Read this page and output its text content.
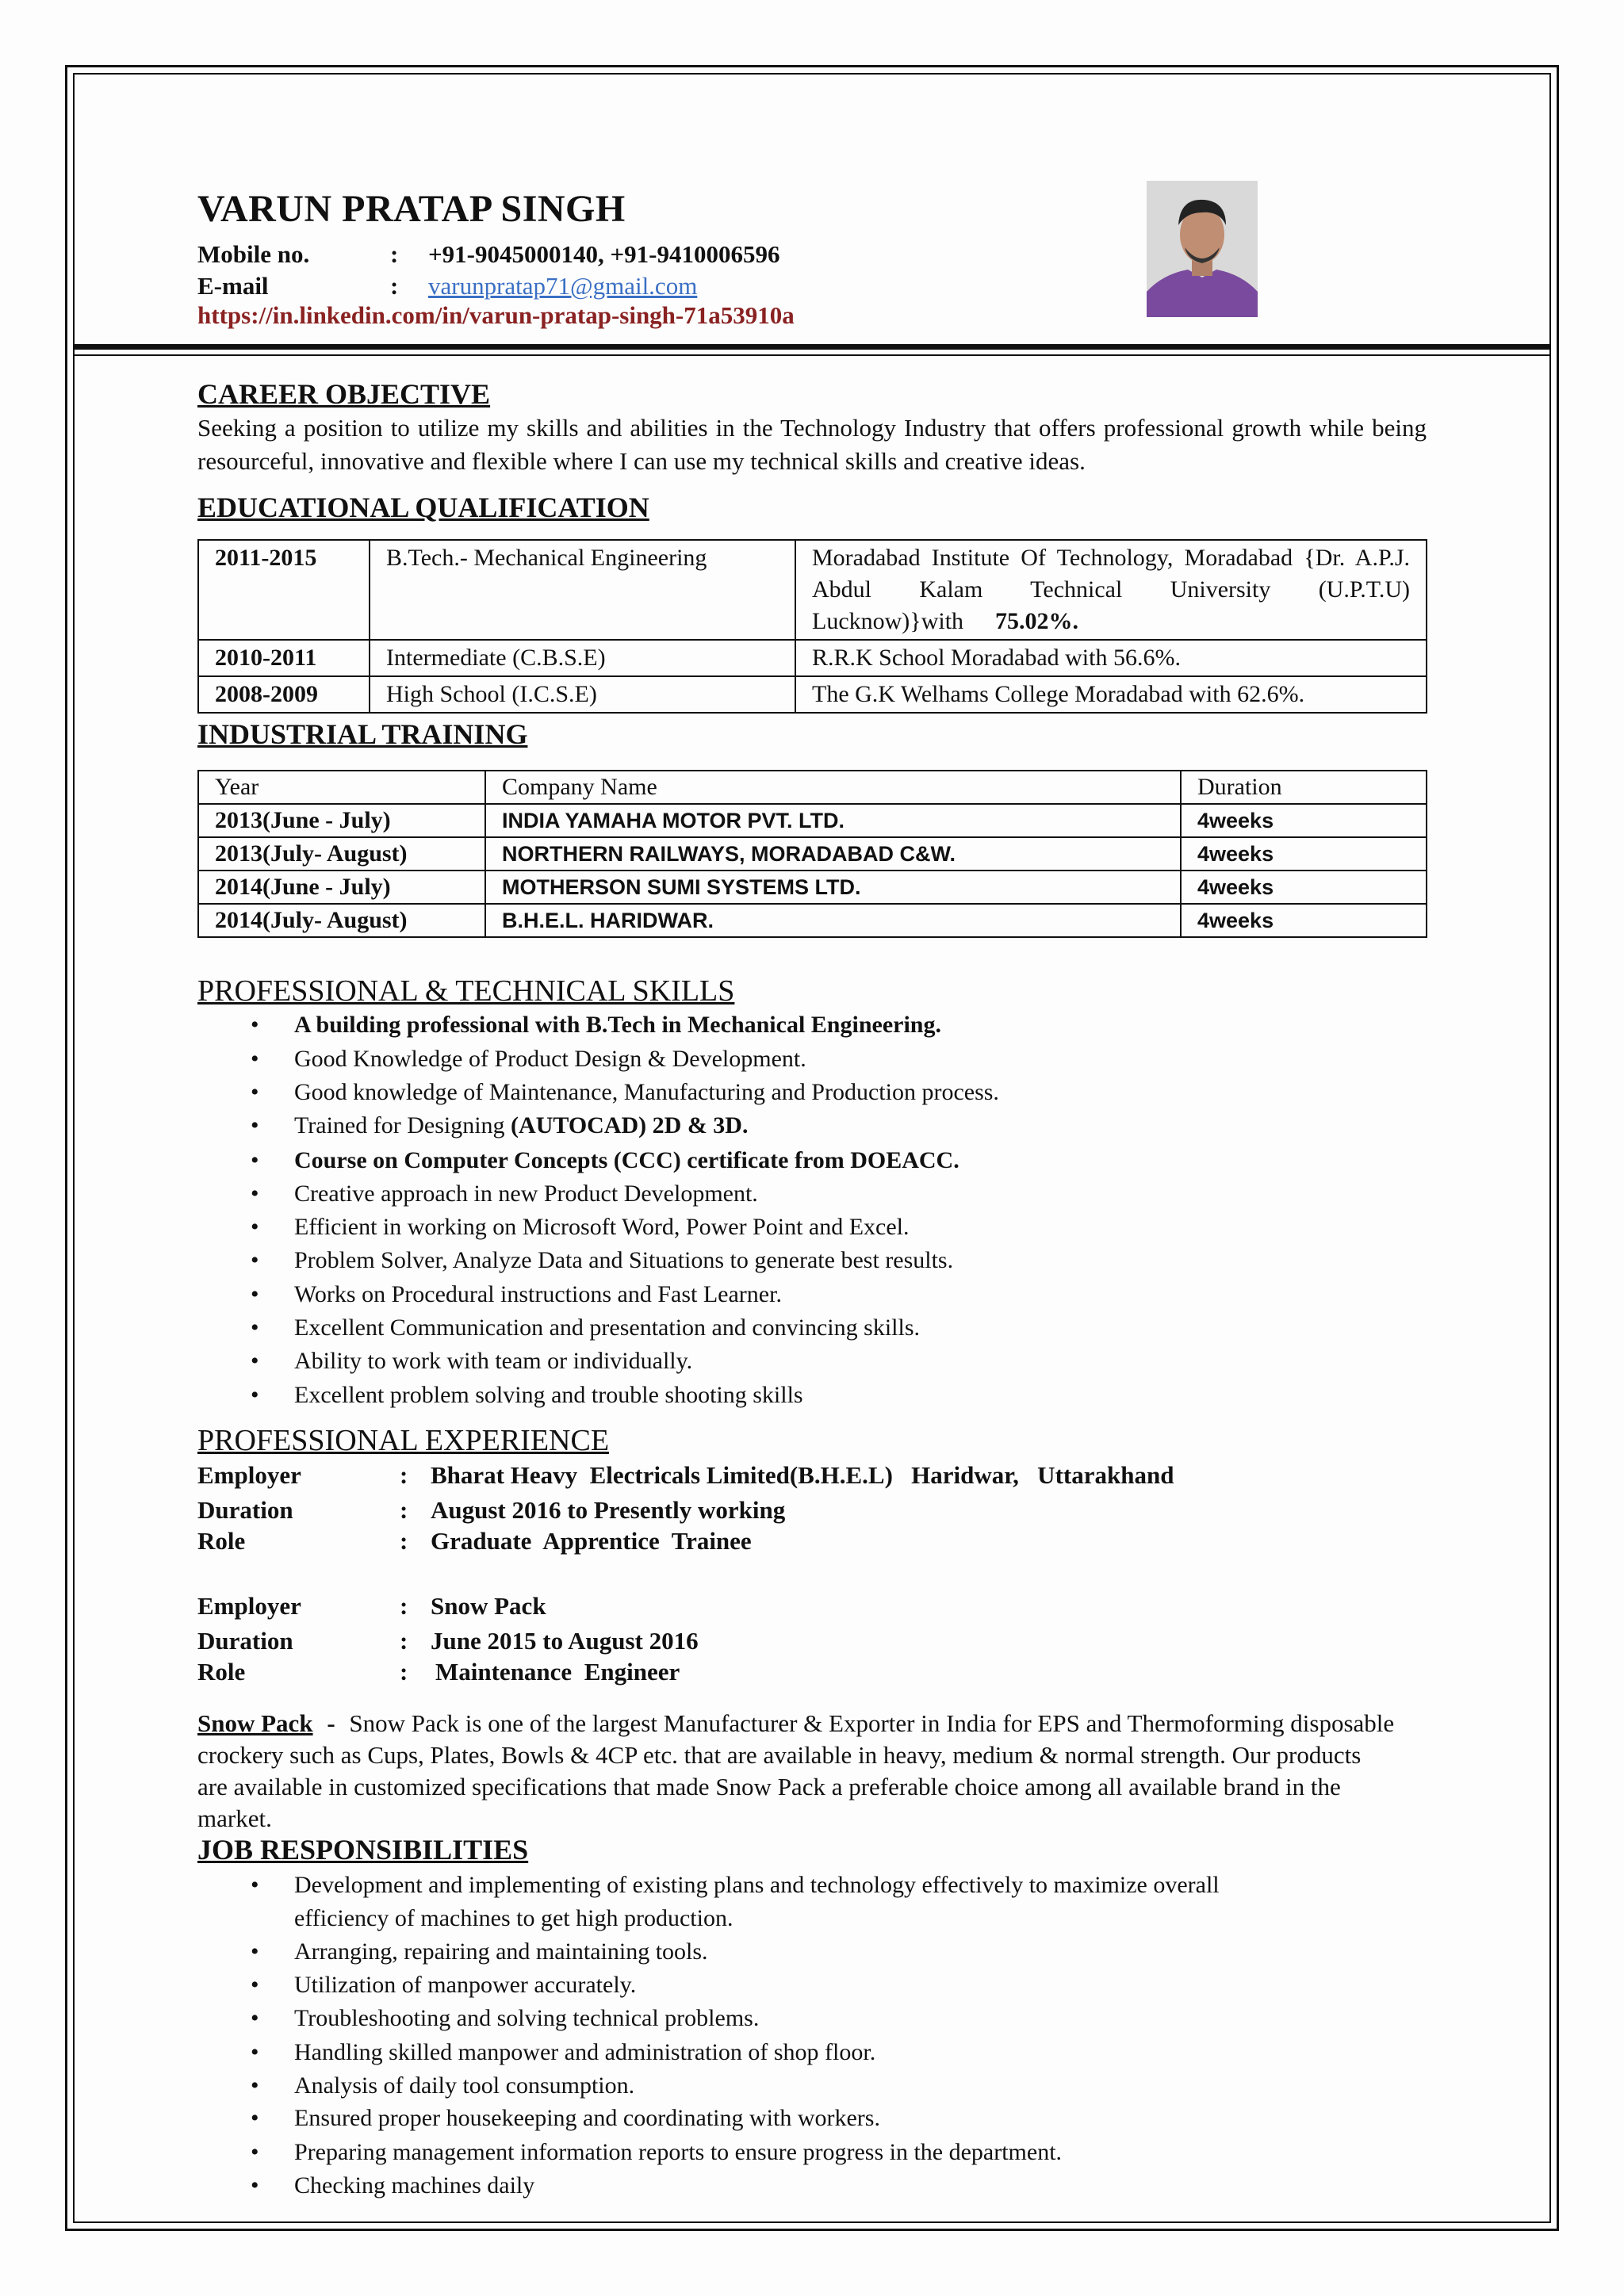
VARUN PRATAP SINGH
Mobile no.	: +91-9045000140, +91-9410006596
E-mail	: varunpratap71@gmail.com
https://in.linkedin.com/in/varun-pratap-singh-71a53910a
CAREER OBJECTIVE
Seeking a position to utilize my skills and abilities in the Technology Industry that offers professional growth while being resourceful, innovative and flexible where I can use my technical skills and creative ideas.
EDUCATIONAL QUALIFICATION
2011-2015	B.Tech.- Mechanical Engineering	Moradabad Institute Of Technology, Moradabad {Dr. A.P.J. Abdul Kalam Technical University (U.P.T.U) Lucknow)}with 75.02%.
2010-2011	Intermediate (C.B.S.E)	R.R.K School Moradabad with 56.6%.
2008-2009	High School (I.C.S.E)	The G.K Welhams College Moradabad with 62.6%.
INDUSTRIAL TRAINING
Year	Company Name	Duration
2013(June - July)	INDIA YAMAHA MOTOR PVT. LTD.	4weeks
2013(July- August)	NORTHERN RAILWAYS, MORADABAD C&W.	4weeks
2014(June - July)	MOTHERSON SUMI SYSTEMS LTD.	4weeks
2014(July- August)	B.H.E.L. HARIDWAR.	4weeks
PROFESSIONAL & TECHNICAL SKILLS
• A building professional with B.Tech in Mechanical Engineering.
• Good Knowledge of Product Design & Development.
• Good knowledge of Maintenance, Manufacturing and Production process.
• Trained for Designing (AUTOCAD) 2D & 3D.
• Course on Computer Concepts (CCC) certificate from DOEACC.
• Creative approach in new Product Development.
• Efficient in working on Microsoft Word, Power Point and Excel.
• Problem Solver, Analyze Data and Situations to generate best results.
• Works on Procedural instructions and Fast Learner.
• Excellent Communication and presentation and convincing skills.
• Ability to work with team or individually.
• Excellent problem solving and trouble shooting skills
PROFESSIONAL EXPERIENCE
Employer	: Bharat Heavy  Electricals Limited(B.H.E.L)   Haridwar,   Uttarakhand
Duration	: August 2016 to Presently working
Role	: Graduate  Apprentice  Trainee
Employer	: Snow Pack
Duration	: June 2015 to August 2016
Role	: Maintenance  Engineer
Snow Pack - Snow Pack is one of the largest Manufacturer & Exporter in India for EPS and Thermoforming disposable crockery such as Cups, Plates, Bowls & 4CP etc. that are available in heavy, medium & normal strength. Our products are available in customized specifications that made Snow Pack a preferable choice among all available brand in the market.
JOB RESPONSIBILITIES
• Development and implementing of existing plans and technology effectively to maximize overall
efficiency of machines to get high production.
• Arranging, repairing and maintaining tools.
• Utilization of manpower accurately.
• Troubleshooting and solving technical problems.
• Handling skilled manpower and administration of shop floor.
• Analysis of daily tool consumption.
• Ensured proper housekeeping and coordinating with workers.
• Preparing management information reports to ensure progress in the department.
• Checking machines daily
